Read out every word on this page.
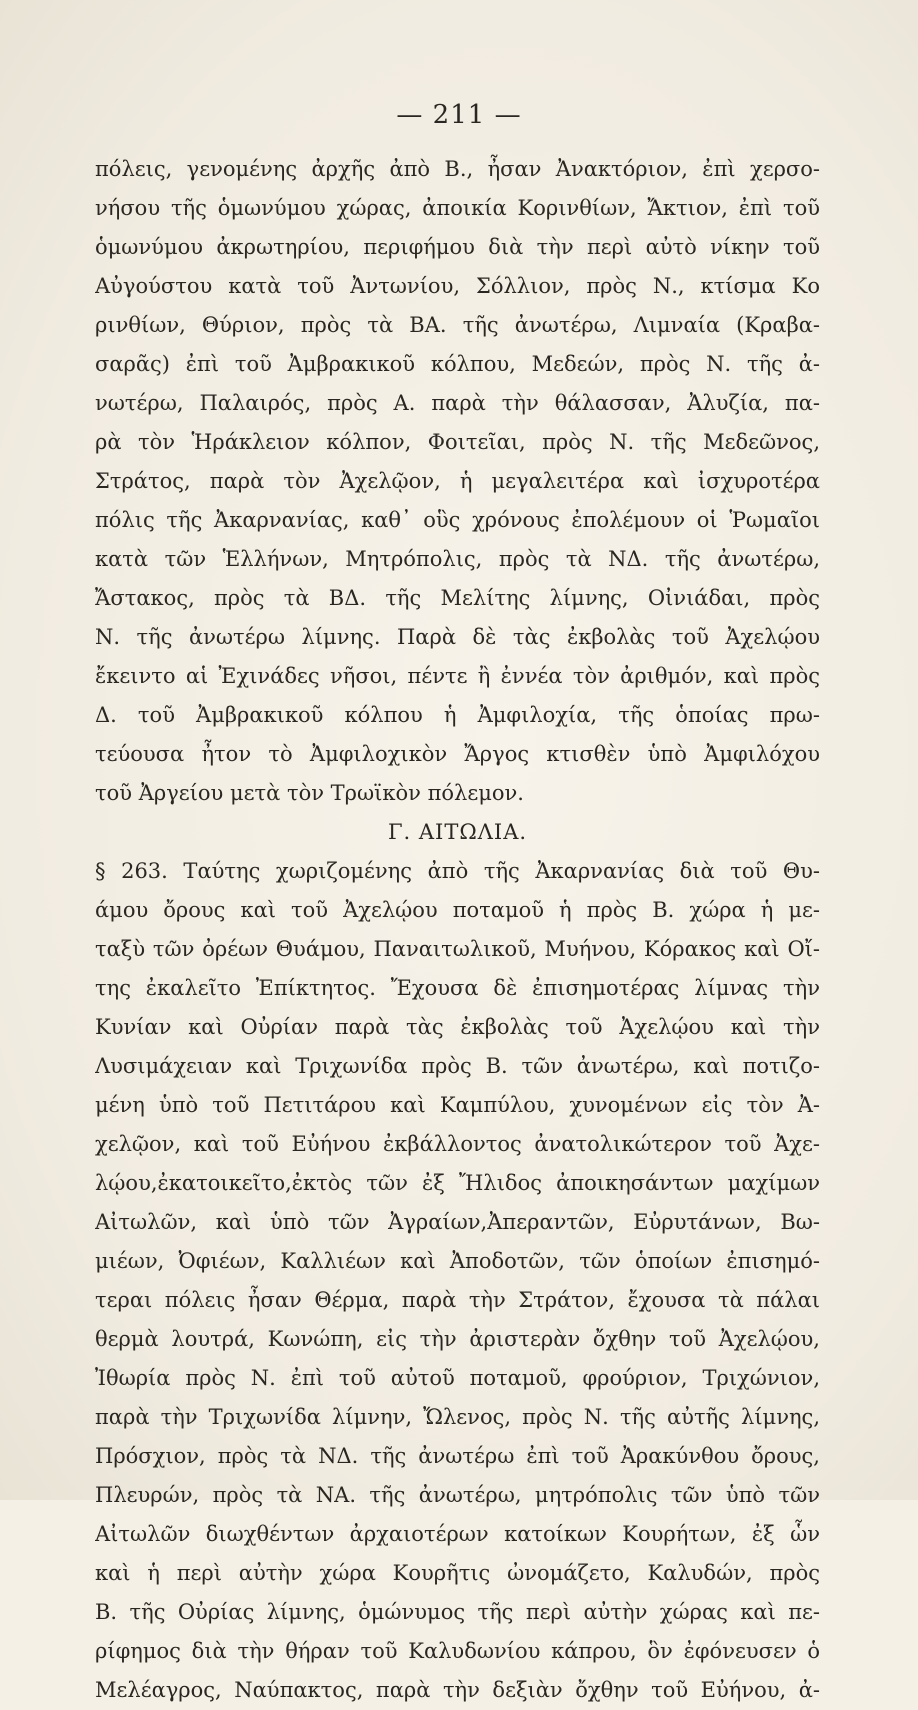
— 211 —
πόλεις, γενομένης ἀρχῆς ἀπὸ Β., ἦσαν Ἀνακτόριον, ἐπὶ χερσο-
νήσου τῆς ὁμωνύμου χώρας, ἀποικία Κορινθίων, Ἄκτιον, ἐπὶ τοῦ
ὁμωνύμου ἀκρωτηρίου, περιφήμου διὰ τὴν περὶ αὐτὸ νίκην τοῦ
Αὐγούστου κατὰ τοῦ Ἀντωνίου, Σόλλιον, πρὸς Ν., κτίσμα Κο
ρινθίων, Θύριον, πρὸς τὰ ΒΑ. τῆς ἀνωτέρω, Λιμναία (Κραβα-
σαρᾶς) ἐπὶ τοῦ Ἀμβρακικοῦ κόλπου, Μεδεών, πρὸς Ν. τῆς ἀ-
νωτέρω, Παλαιρός, πρὸς Α. παρὰ τὴν θάλασσαν, Ἀλυζία, πα-
ρὰ τὸν Ἡράκλειον κόλπον, Φοιτεῖαι, πρὸς Ν. τῆς Μεδεῶνος,
Στράτος, παρὰ τὸν Ἀχελῷον, ἡ μεγαλειτέρα καὶ ἰσχυροτέρα
πόλις τῆς Ἀκαρνανίας, καθ᾽ οὓς χρόνους ἐπολέμουν οἱ Ῥωμαῖοι
κατὰ τῶν Ἑλλήνων, Μητρόπολις, πρὸς τὰ ΝΔ. τῆς ἀνωτέρω,
Ἄστακος, πρὸς τὰ ΒΔ. τῆς Μελίτης λίμνης, Οἰνιάδαι, πρὸς
Ν. τῆς ἀνωτέρω λίμνης. Παρὰ δὲ τὰς ἐκβολὰς τοῦ Ἀχελῴου
ἔκειντο αἱ Ἐχινάδες νῆσοι, πέντε ἢ ἐννέα τὸν ἀριθμόν, καὶ πρὸς
Δ. τοῦ Ἀμβρακικοῦ κόλπου ἡ Ἀμφιλοχία, τῆς ὁποίας πρω-
τεύουσα ἦτον τὸ Ἀμφιλοχικὸν Ἄργος κτισθὲν ὑπὸ Ἀμφιλόχου
τοῦ Ἀργείου μετὰ τὸν Τρωϊκὸν πόλεμον.
Γ. ΑΙΤΩΛΙΑ.
§ 263. Ταύτης χωριζομένης ἀπὸ τῆς Ἀκαρνανίας διὰ τοῦ Θυ-
άμου ὄρους καὶ τοῦ Ἀχελῴου ποταμοῦ ἡ πρὸς Β. χώρα ἡ με-
ταξὺ τῶν ὀρέων Θυάμου, Παναιτωλικοῦ, Μυήνου, Κόρακος καὶ Οἴ-
της ἐκαλεῖτο Ἐπίκτητος. Ἔχουσα δὲ ἐπισημοτέρας λίμνας τὴν
Κυνίαν καὶ Οὐρίαν παρὰ τὰς ἐκβολὰς τοῦ Ἀχελῴου καὶ τὴν
Λυσιμάχειαν καὶ Τριχωνίδα πρὸς Β. τῶν ἀνωτέρω, καὶ ποτιζο-
μένη ὑπὸ τοῦ Πετιτάρου καὶ Καμπύλου, χυνομένων εἰς τὸν Ἀ-
χελῷον, καὶ τοῦ Εὐήνου ἐκβάλλοντος ἀνατολικώτερον τοῦ Ἀχε-
λῴου,ἐκατοικεῖτο,ἐκτὸς τῶν ἐξ Ἤλιδος ἀποικησάντων μαχίμων
Αἰτωλῶν, καὶ ὑπὸ τῶν Ἀγραίων,Ἀπεραντῶν, Εὐρυτάνων, Βω-
μιέων, Ὀφιέων, Καλλιέων καὶ Ἀποδοτῶν, τῶν ὁποίων ἐπισημό-
τεραι πόλεις ἦσαν Θέρμα, παρὰ τὴν Στράτον, ἔχουσα τὰ πάλαι
θερμὰ λουτρά, Κωνώπη, εἰς τὴν ἀριστερὰν ὄχθην τοῦ Ἀχελῴου,
Ἰθωρία πρὸς Ν. ἐπὶ τοῦ αὐτοῦ ποταμοῦ, φρούριον, Τριχώνιον,
παρὰ τὴν Τριχωνίδα λίμνην, Ὤλενος, πρὸς Ν. τῆς αὐτῆς λίμνης,
Πρόσχιον, πρὸς τὰ ΝΔ. τῆς ἀνωτέρω ἐπὶ τοῦ Ἀρακύνθου ὄρους,
Πλευρών, πρὸς τὰ ΝΑ. τῆς ἀνωτέρω, μητρόπολις τῶν ὑπὸ τῶν
Αἰτωλῶν διωχθέντων ἀρχαιοτέρων κατοίκων Κουρήτων, ἐξ ὧν
καὶ ἡ περὶ αὐτὴν χώρα Κουρῆτις ὠνομάζετο, Καλυδών, πρὸς
Β. τῆς Οὐρίας λίμνης, ὁμώνυμος τῆς περὶ αὐτὴν χώρας καὶ πε-
ρίφημος διὰ τὴν θήραν τοῦ Καλυδωνίου κάπρου, ὃν ἐφόνευσεν ὁ
Μελέαγρος, Ναύπακτος, παρὰ τὴν δεξιὰν ὄχθην τοῦ Εὐήνου, ἀ-
